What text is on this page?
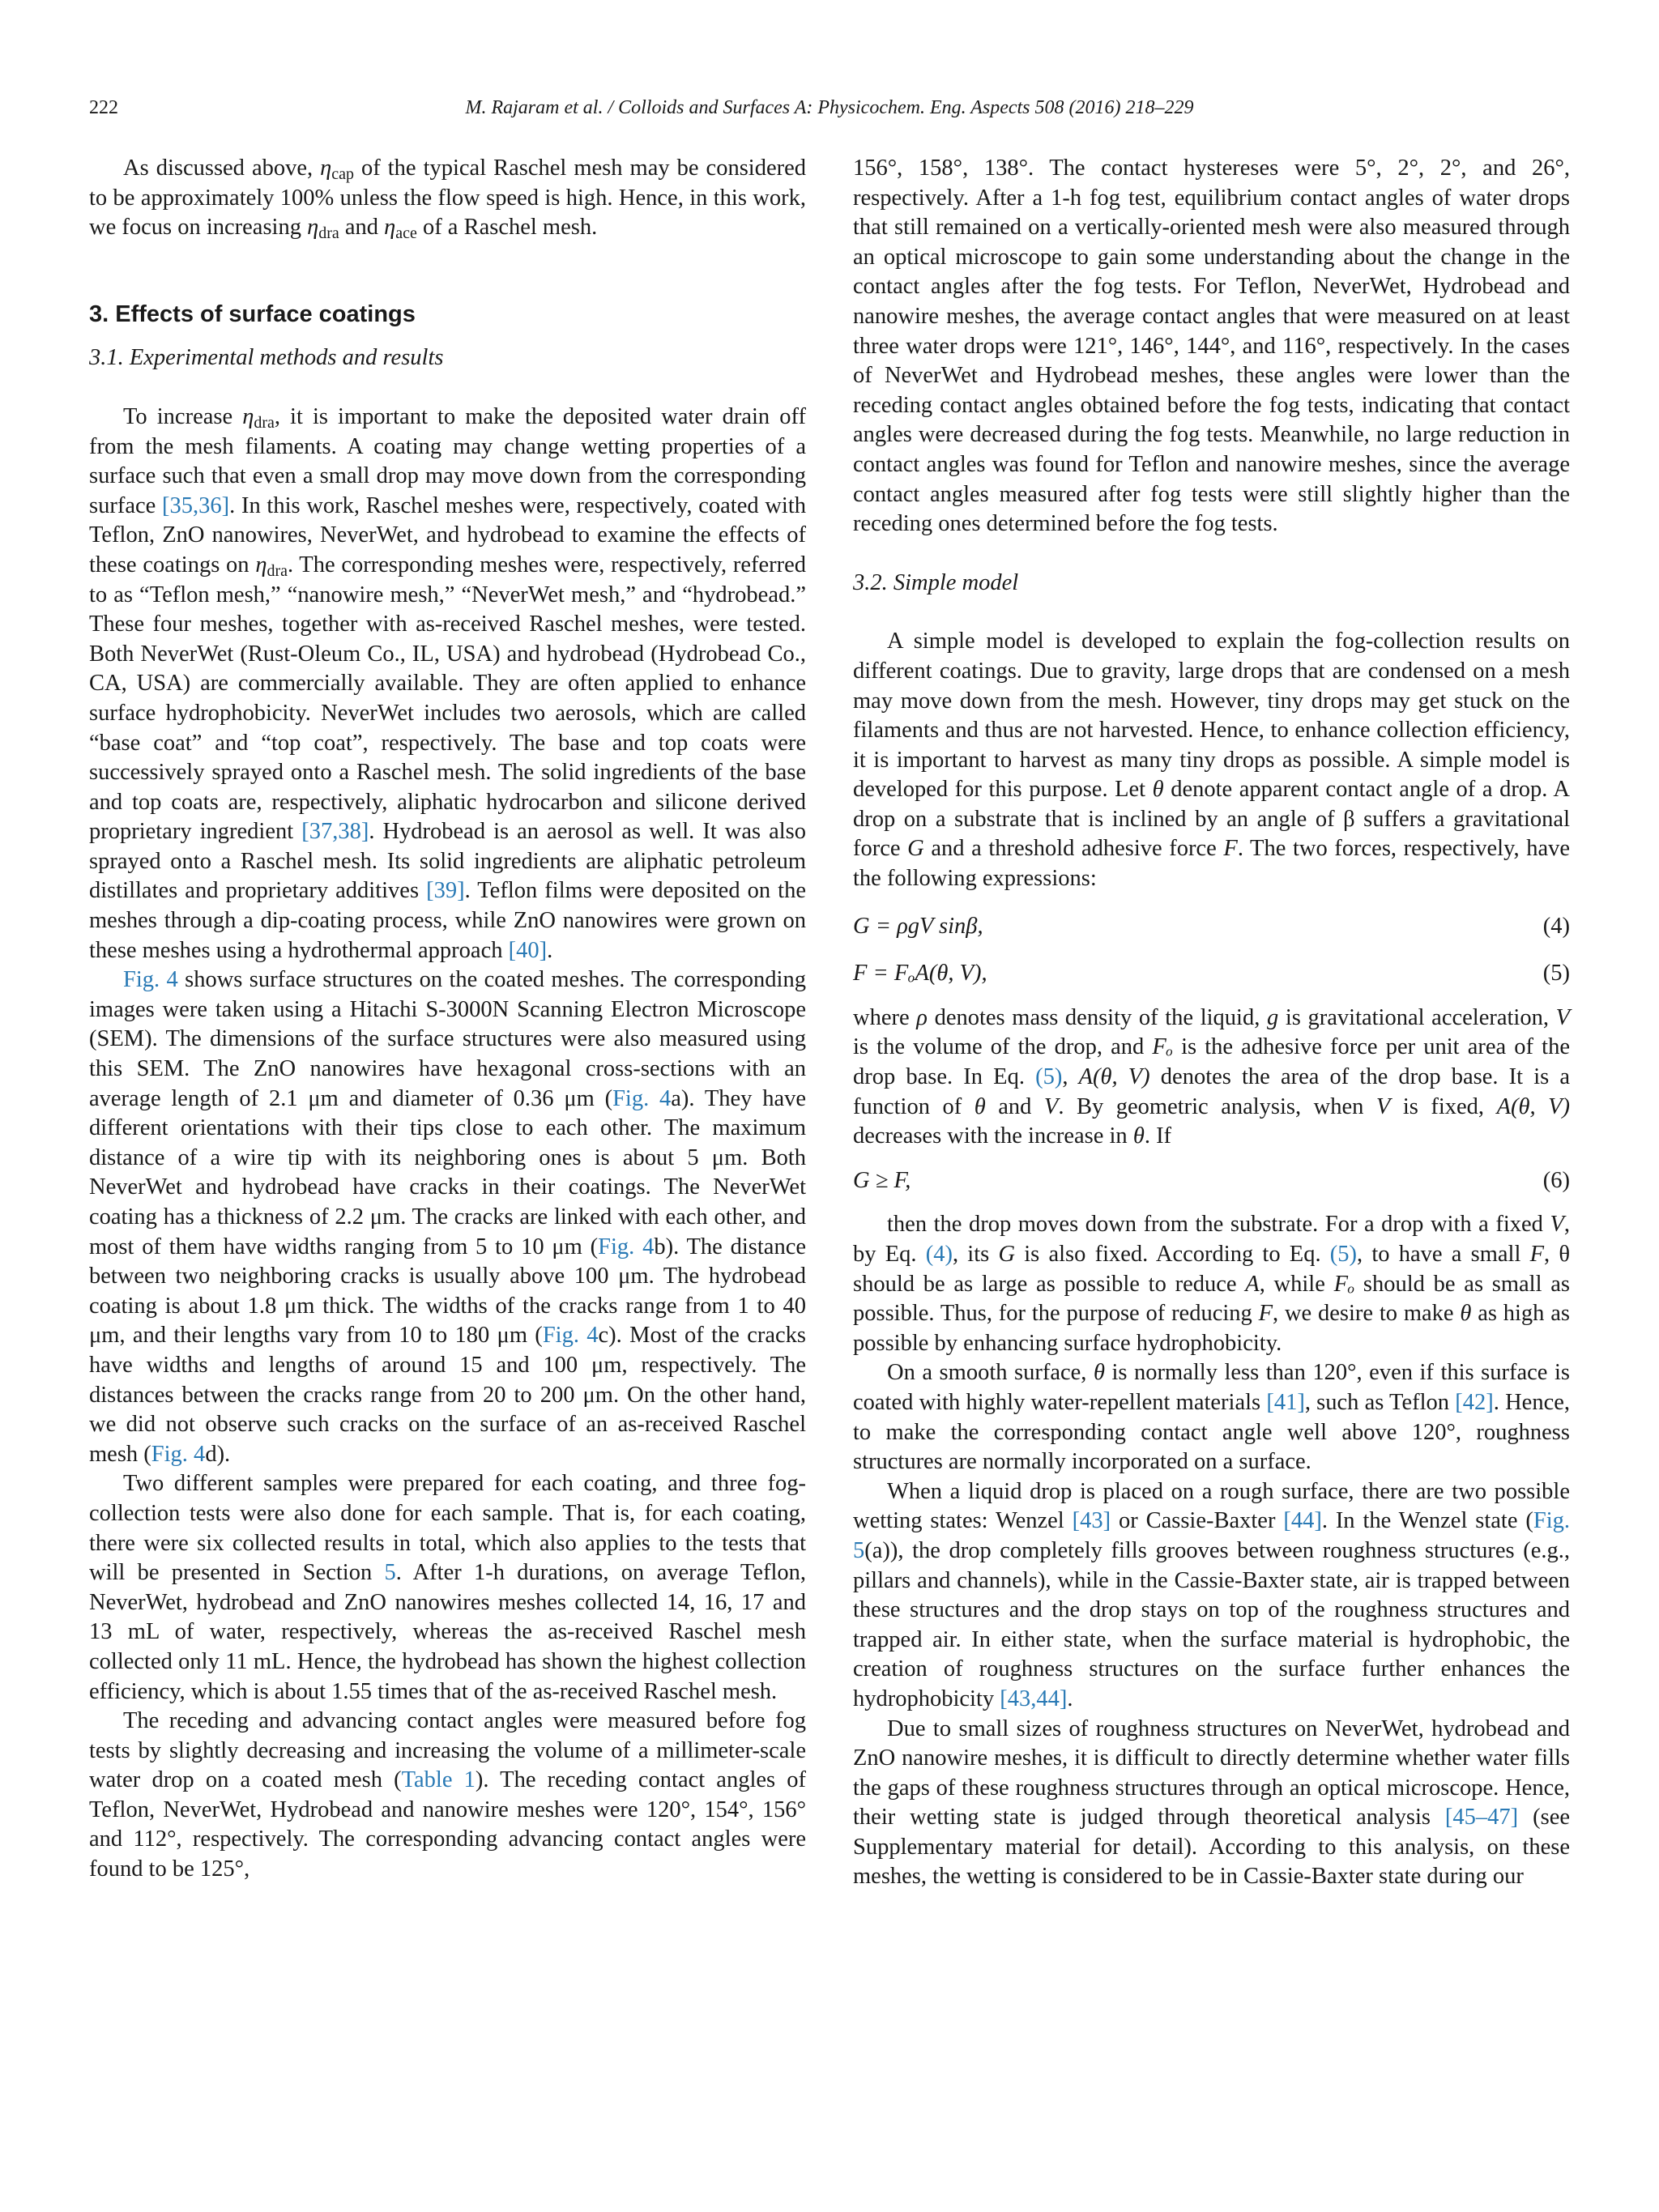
222	M. Rajaram et al. / Colloids and Surfaces A: Physicochem. Eng. Aspects 508 (2016) 218–229

As discussed above, $\eta_{cap}$ of the typical Raschel mesh may be considered to be approximately 100% unless the flow speed is high. Hence, in this work, we focus on increasing $\eta_{dra}$ and $\eta_{ace}$ of a Raschel mesh.

3. Effects of surface coatings
3.1. Experimental methods and results

To increase $\eta_{dra}$, it is important to make the deposited water drain off from the mesh filaments. A coating may change wetting properties of a surface such that even a small drop may move down from the corresponding surface [35,36]. In this work, Raschel meshes were, respectively, coated with Teflon, ZnO nanowires, NeverWet, and hydrobead to examine the effects of these coatings on $\eta_{dra}$. The corresponding meshes were, respectively, referred to as “Teflon mesh,” “nanowire mesh,” “NeverWet mesh,” and “hydrobead.” These four meshes, together with as-received Raschel meshes, were tested. Both NeverWet (Rust-Oleum Co., IL, USA) and hydrobead (Hydrobead Co., CA, USA) are commercially available. They are often applied to enhance surface hydrophobicity. NeverWet includes two aerosols, which are called “base coat” and “top coat”, respectively. The base and top coats were successively sprayed onto a Raschel mesh. The solid ingredients of the base and top coats are, respectively, aliphatic hydrocarbon and silicone derived proprietary ingredient [37,38]. Hydrobead is an aerosol as well. It was also sprayed onto a Raschel mesh. Its solid ingredients are aliphatic petroleum distillates and proprietary additives [39]. Teflon films were deposited on the meshes through a dip-coating process, while ZnO nanowires were grown on these meshes using a hydrothermal approach [40].

Fig. 4 shows surface structures on the coated meshes. The corresponding images were taken using a Hitachi S-3000N Scanning Electron Microscope (SEM). The dimensions of the surface structures were also measured using this SEM. The ZnO nanowires have hexagonal cross-sections with an average length of 2.1 μm and diameter of 0.36 μm (Fig. 4a). They have different orientations with their tips close to each other. The maximum distance of a wire tip with its neighboring ones is about 5 μm. Both NeverWet and hydrobead have cracks in their coatings. The NeverWet coating has a thickness of 2.2 μm. The cracks are linked with each other, and most of them have widths ranging from 5 to 10 μm (Fig. 4b). The distance between two neighboring cracks is usually above 100 μm. The hydrobead coating is about 1.8 μm thick. The widths of the cracks range from 1 to 40 μm, and their lengths vary from 10 to 180 μm (Fig. 4c). Most of the cracks have widths and lengths of around 15 and 100 μm, respectively. The distances between the cracks range from 20 to 200 μm. On the other hand, we did not observe such cracks on the surface of an as-received Raschel mesh (Fig. 4d).

Two different samples were prepared for each coating, and three fog-collection tests were also done for each sample. That is, for each coating, there were six collected results in total, which also applies to the tests that will be presented in Section 5. After 1-h durations, on average Teflon, NeverWet, hydrobead and ZnO nanowires meshes collected 14, 16, 17 and 13 mL of water, respectively, whereas the as-received Raschel mesh collected only 11 mL. Hence, the hydrobead has shown the highest collection efficiency, which is about 1.55 times that of the as-received Raschel mesh.

The receding and advancing contact angles were measured before fog tests by slightly decreasing and increasing the volume of a millimeter-scale water drop on a coated mesh (Table 1). The receding contact angles of Teflon, NeverWet, Hydrobead and nanowire meshes were 120°, 154°, 156° and 112°, respectively. The corresponding advancing contact angles were found to be 125°,

156°, 158°, 138°. The contact hystereses were 5°, 2°, 2°, and 26°, respectively. After a 1-h fog test, equilibrium contact angles of water drops that still remained on a vertically-oriented mesh were also measured through an optical microscope to gain some understanding about the change in the contact angles after the fog tests. For Teflon, NeverWet, Hydrobead and nanowire meshes, the average contact angles that were measured on at least three water drops were 121°, 146°, 144°, and 116°, respectively. In the cases of NeverWet and Hydrobead meshes, these angles were lower than the receding contact angles obtained before the fog tests, indicating that contact angles were decreased during the fog tests. Meanwhile, no large reduction in contact angles was found for Teflon and nanowire meshes, since the average contact angles measured after fog tests were still slightly higher than the receding ones determined before the fog tests.

3.2. Simple model

A simple model is developed to explain the fog-collection results on different coatings. Due to gravity, large drops that are condensed on a mesh may move down from the mesh. However, tiny drops may get stuck on the filaments and thus are not harvested. Hence, to enhance collection efficiency, it is important to harvest as many tiny drops as possible. A simple model is developed for this purpose. Let θ denote apparent contact angle of a drop. A drop on a substrate that is inclined by an angle of β suffers a gravitational force G and a threshold adhesive force F. The two forces, respectively, have the following expressions:

G = ρgV sinβ,	(4)
F = FₒA(θ, V),	(5)

where ρ denotes mass density of the liquid, g is gravitational acceleration, V is the volume of the drop, and Fₒ is the adhesive force per unit area of the drop base. In Eq. (5), A(θ, V) denotes the area of the drop base. It is a function of θ and V. By geometric analysis, when V is fixed, A(θ, V) decreases with the increase in θ. If

G ≥ F,	(6)

then the drop moves down from the substrate. For a drop with a fixed V, by Eq. (4), its G is also fixed. According to Eq. (5), to have a small F, θ should be as large as possible to reduce A, while Fₒ should be as small as possible. Thus, for the purpose of reducing F, we desire to make θ as high as possible by enhancing surface hydrophobicity.

On a smooth surface, θ is normally less than 120°, even if this surface is coated with highly water-repellent materials [41], such as Teflon [42]. Hence, to make the corresponding contact angle well above 120°, roughness structures are normally incorporated on a surface.

When a liquid drop is placed on a rough surface, there are two possible wetting states: Wenzel [43] or Cassie-Baxter [44]. In the Wenzel state (Fig. 5(a)), the drop completely fills grooves between roughness structures (e.g., pillars and channels), while in the Cassie-Baxter state, air is trapped between these structures and the drop stays on top of the roughness structures and trapped air. In either state, when the surface material is hydrophobic, the creation of roughness structures on the surface further enhances the hydrophobicity [43,44].

Due to small sizes of roughness structures on NeverWet, hydrobead and ZnO nanowire meshes, it is difficult to directly determine whether water fills the gaps of these roughness structures through an optical microscope. Hence, their wetting state is judged through theoretical analysis [45–47] (see Supplementary material for detail). According to this analysis, on these meshes, the wetting is considered to be in Cassie-Baxter state during our
